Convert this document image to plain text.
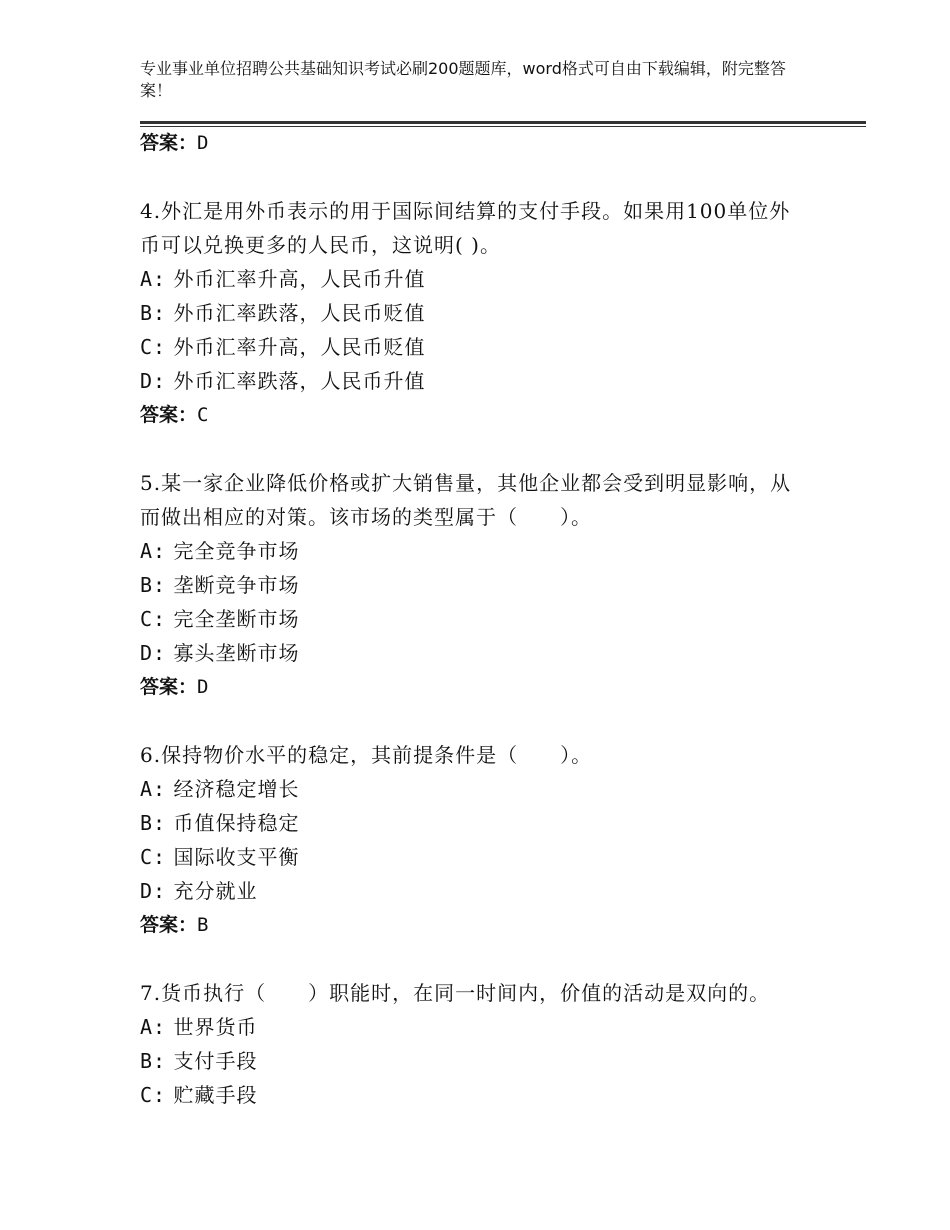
专业事业单位招聘公共基础知识考试必刷200题题库，word格式可自由下载编辑，附完整答案！
答案：D
4.外汇是用外币表示的用于国际间结算的支付手段。如果用100单位外币可以兑换更多的人民币，这说明( )。
A: 外币汇率升高，人民币升值
B: 外币汇率跌落，人民币贬值
C: 外币汇率升高，人民币贬值
D: 外币汇率跌落，人民币升值
答案：C
5.某一家企业降低价格或扩大销售量，其他企业都会受到明显影响，从而做出相应的对策。该市场的类型属于（　　）。
A: 完全竞争市场
B: 垄断竞争市场
C: 完全垄断市场
D: 寡头垄断市场
答案：D
6.保持物价水平的稳定，其前提条件是（　　）。
A: 经济稳定增长
B: 币值保持稳定
C: 国际收支平衡
D: 充分就业
答案：B
7.货币执行（　　）职能时，在同一时间内，价值的活动是双向的。
A: 世界货币
B: 支付手段
C: 贮藏手段
